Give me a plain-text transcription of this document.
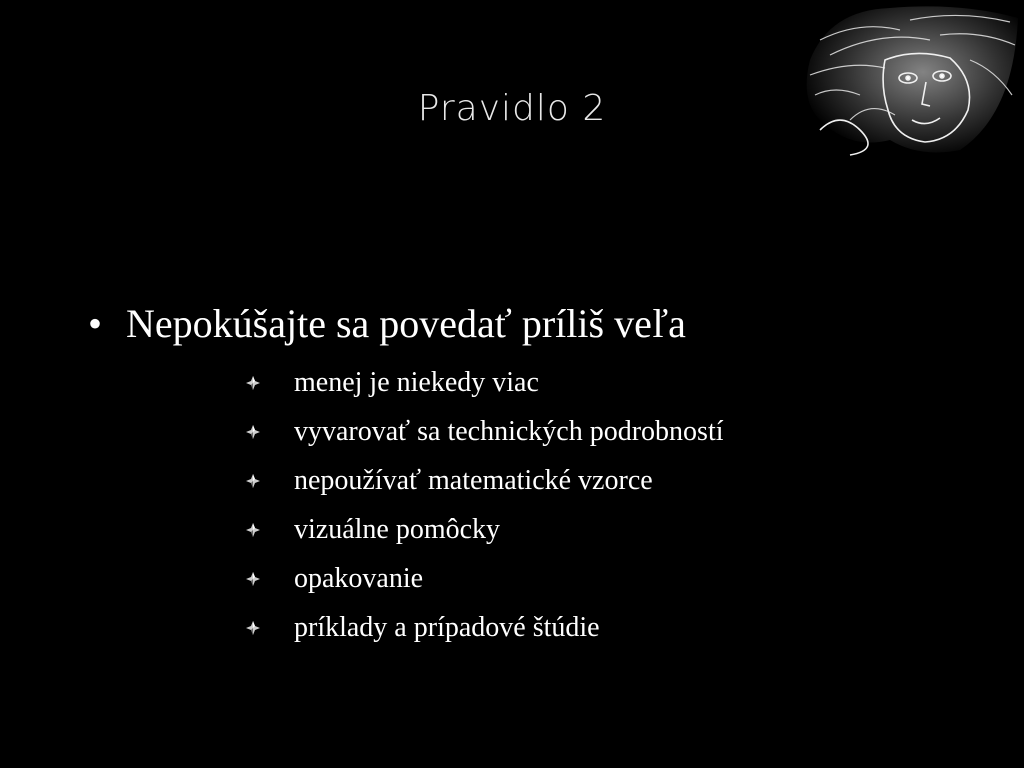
Pravidlo 2
• Nepokúšajte sa povedať príliš veľa
menej je niekedy viac
vyvarovať sa technických podrobností
nepoužívať matematické vzorce
vizuálne pomôcky
opakovanie
príklady a prípadové štúdie
